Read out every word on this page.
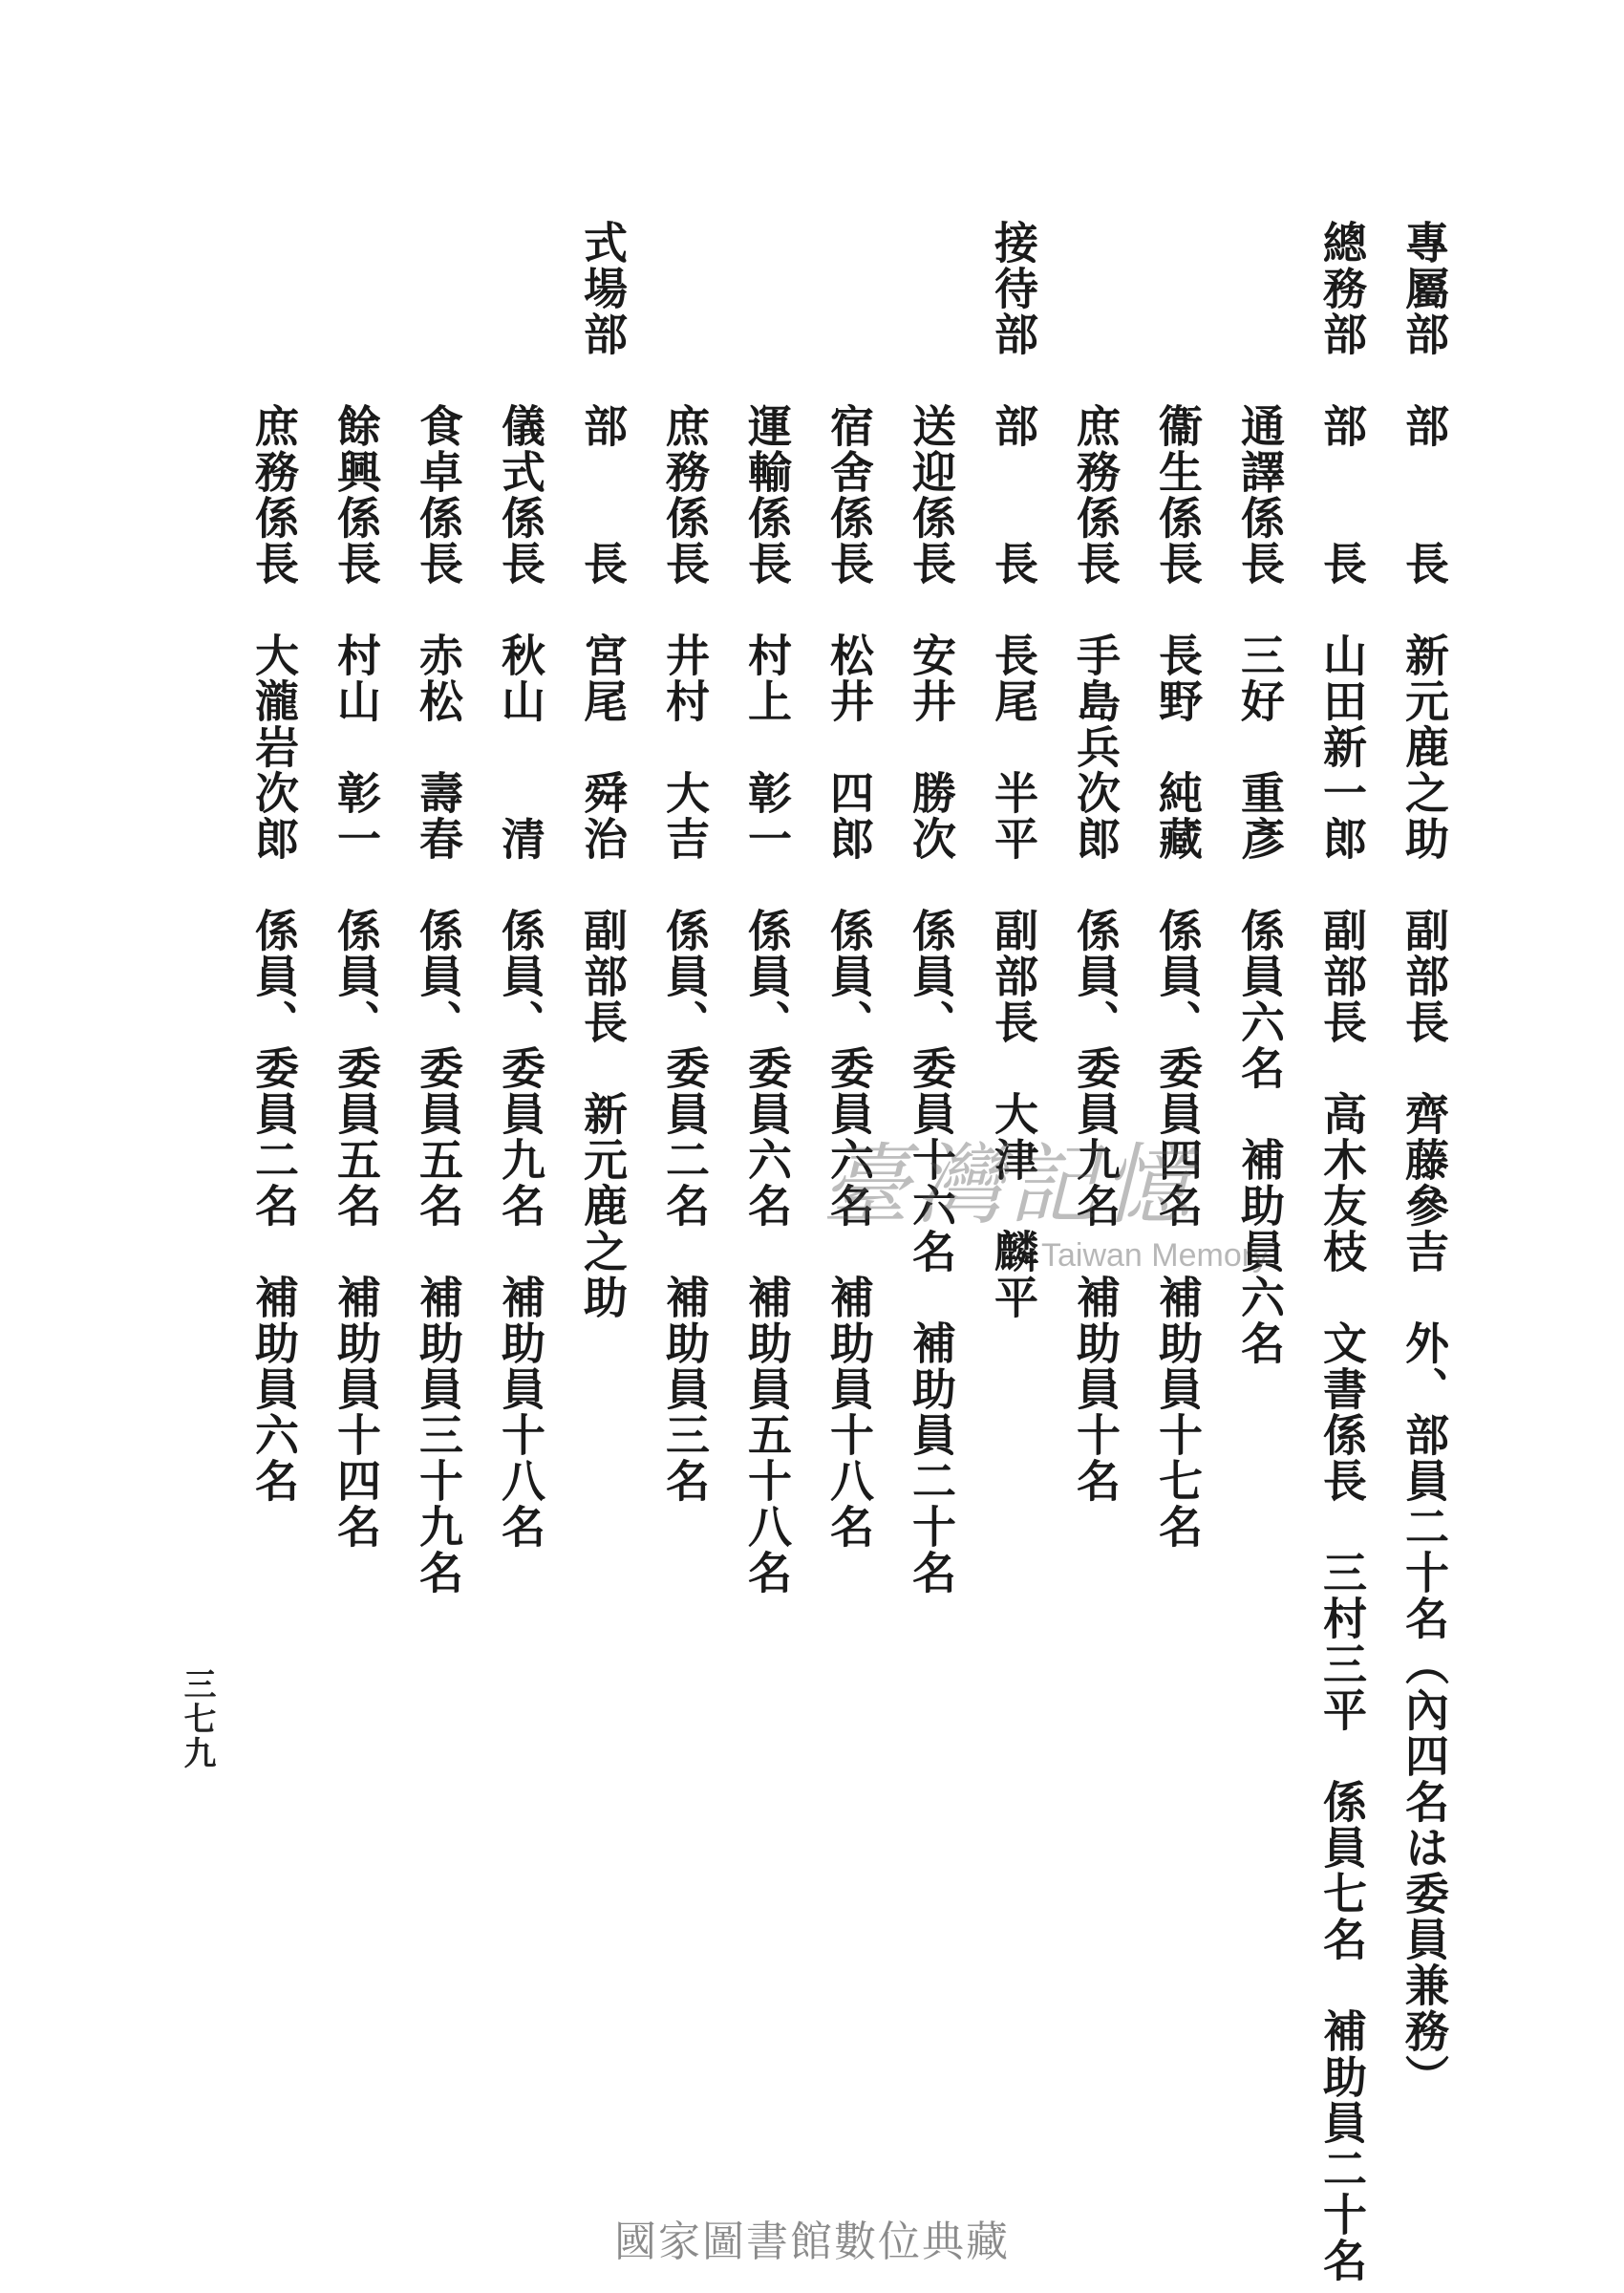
專屬部　部　　長　新元鹿之助　副部長　齊藤參吉　外、部員二十名（內四名は委員兼務）
總務部　部　　長　山田新一郎　副部長　高木友枝　文書係長　三村三平　係員七名　補助員二十名
　　　　通譯係長　三好　重彥　係員六名　補助員六名
　　　　衞生係長　長野　純藏　係員、委員四名　補助員十七名
　　　　庶務係長　手島兵次郎　係員、委員九名　補助員十名
接待部　部　　長　長尾　半平　副部長　大津　麟平
　　　　送迎係長　安井　勝次　係員、委員十六名　補助員二十名
　　　　宿舍係長　松井　四郎　係員、委員六名　補助員十八名
　　　　運輸係長　村上　彰一　係員、委員六名　補助員五十八名
　　　　庶務係長　井村　大吉　係員、委員二名　補助員三名
式場部　部　　長　宮尾　舜治　副部長　新元鹿之助
　　　　儀式係長　秋山　　清　係員、委員九名　補助員十八名
　　　　食卓係長　赤松　壽春　係員、委員五名　補助員三十九名
　　　　餘興係長　村山　彰一　係員、委員五名　補助員十四名
　　　　庶務係長　大瀧岩次郎　係員、委員二名　補助員六名
三七九
臺灣記憶
Taiwan Memory
國家圖書館數位典藏
